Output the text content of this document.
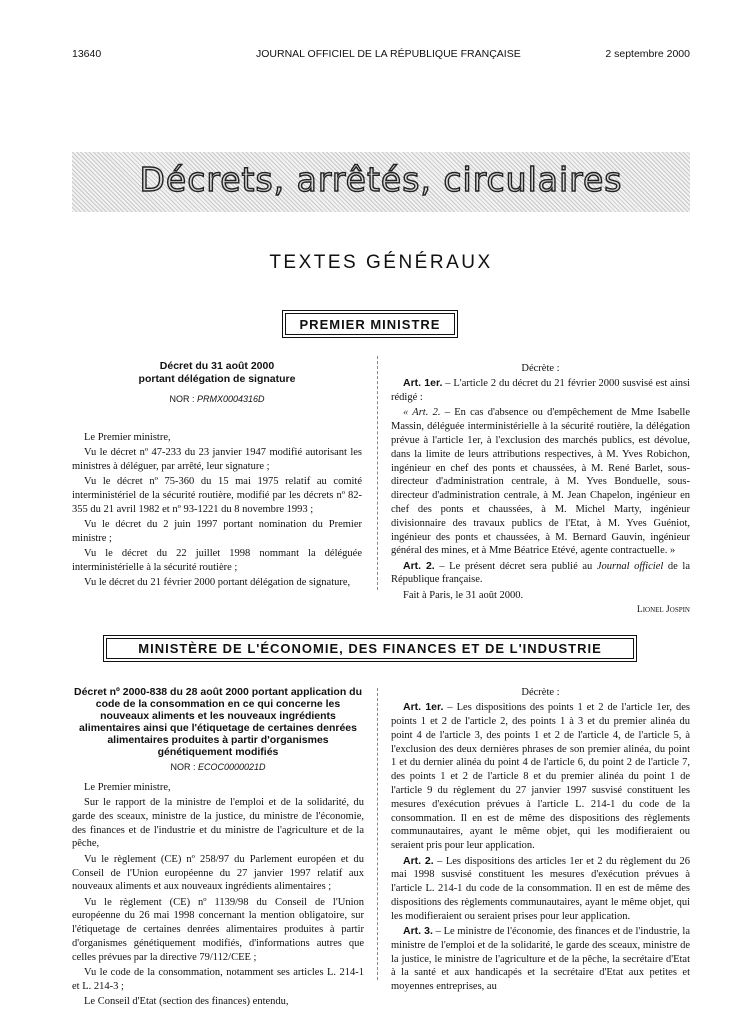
13640	JOURNAL OFFICIEL DE LA RÉPUBLIQUE FRANÇAISE	2 septembre 2000
Décrets, arrêtés, circulaires
TEXTES GÉNÉRAUX
PREMIER MINISTRE
Décret du 31 août 2000
portant délégation de signature
NOR : PRMX0004316D

Le Premier ministre,

Vu le décret nº 47-233 du 23 janvier 1947 modifié autorisant les ministres à déléguer, par arrêté, leur signature ;

Vu le décret nº 75-360 du 15 mai 1975 relatif au comité interministériel de la sécurité routière, modifié par les décrets nº 82-355 du 21 avril 1982 et nº 93-1221 du 8 novembre 1993 ;

Vu le décret du 2 juin 1997 portant nomination du Premier ministre ;

Vu le décret du 22 juillet 1998 nommant la déléguée interministérielle à la sécurité routière ;

Vu le décret du 21 février 2000 portant délégation de signature,

Décrète :

Art. 1er. – L'article 2 du décret du 21 février 2000 susvisé est ainsi rédigé :

« Art. 2. – En cas d'absence ou d'empêchement de Mme Isabelle Massin, déléguée interministérielle à la sécurité routière, la délégation prévue à l'article 1er, à l'exclusion des marchés publics, est dévolue, dans la limite de leurs attributions respectives, à M. Yves Robichon, ingénieur en chef des ponts et chaussées, à M. René Barlet, sous-directeur d'administration centrale, à M. Yves Bonduelle, sous-directeur d'administration centrale, à M. Jean Chapelon, ingénieur en chef des ponts et chaussées, à M. Michel Marty, ingénieur divisionnaire des travaux publics de l'Etat, à M. Yves Guéniot, ingénieur des ponts et chaussées, à M. Bernard Gauvin, ingénieur général des mines, et à Mme Béatrice Etévé, agente contractuelle. »

Art. 2. – Le présent décret sera publié au Journal officiel de la République française.

Fait à Paris, le 31 août 2000.

Lionel Jospin

MINISTÈRE DE L'ÉCONOMIE, DES FINANCES ET DE L'INDUSTRIE
Décret nº 2000-838 du 28 août 2000 portant application du code de la consommation en ce qui concerne les nouveaux aliments et les nouveaux ingrédients alimentaires ainsi que l'étiquetage de certaines denrées alimentaires produites à partir d'organismes génétiquement modifiés
NOR : ECOC0000021D

Le Premier ministre,

Sur le rapport de la ministre de l'emploi et de la solidarité, du garde des sceaux, ministre de la justice, du ministre de l'économie, des finances et de l'industrie et du ministre de l'agriculture et de la pêche,

Vu le règlement (CE) nº 258/97 du Parlement européen et du Conseil de l'Union européenne du 27 janvier 1997 relatif aux nouveaux aliments et aux nouveaux ingrédients alimentaires ;

Vu le règlement (CE) nº 1139/98 du Conseil de l'Union européenne du 26 mai 1998 concernant la mention obligatoire, sur l'étiquetage de certaines denrées alimentaires produites à partir d'organismes génétiquement modifiés, d'informations autres que celles prévues par la directive 79/112/CEE ;

Vu le code de la consommation, notamment ses articles L. 214-1 et L. 214-3 ;

Le Conseil d'Etat (section des finances) entendu,

Décrète :

Art. 1er. – Les dispositions des points 1 et 2 de l'article 1er, des points 1 et 2 de l'article 2, des points 1 à 3 et du premier alinéa du point 4 de l'article 3, des points 1 et 2 de l'article 4, de l'article 5, à l'exclusion des deux dernières phrases de son premier alinéa, du point 1 et du dernier alinéa du point 4 de l'article 6, du point 2 de l'article 7, des points 1 et 2 de l'article 8 et du premier alinéa du point 1 de l'article 9 du règlement du 27 janvier 1997 susvisé constituent les mesures d'exécution prévues à l'article L. 214-1 du code de la consommation. Il en est de même des dispositions des règlements communautaires, ayant le même objet, qui les modifieraient ou seraient pris pour leur application.

Art. 2. – Les dispositions des articles 1er et 2 du règlement du 26 mai 1998 susvisé constituent les mesures d'exécution prévues à l'article L. 214-1 du code de la consommation. Il en est de même des dispositions des règlements communautaires, ayant le même objet, qui les modifieraient ou seraient prises pour leur application.

Art. 3. – Le ministre de l'économie, des finances et de l'industrie, la ministre de l'emploi et de la solidarité, le garde des sceaux, ministre de la justice, le ministre de l'agriculture et de la pêche, la secrétaire d'Etat à la santé et aux handicapés et la secrétaire d'Etat aux petites et moyennes entreprises, au
